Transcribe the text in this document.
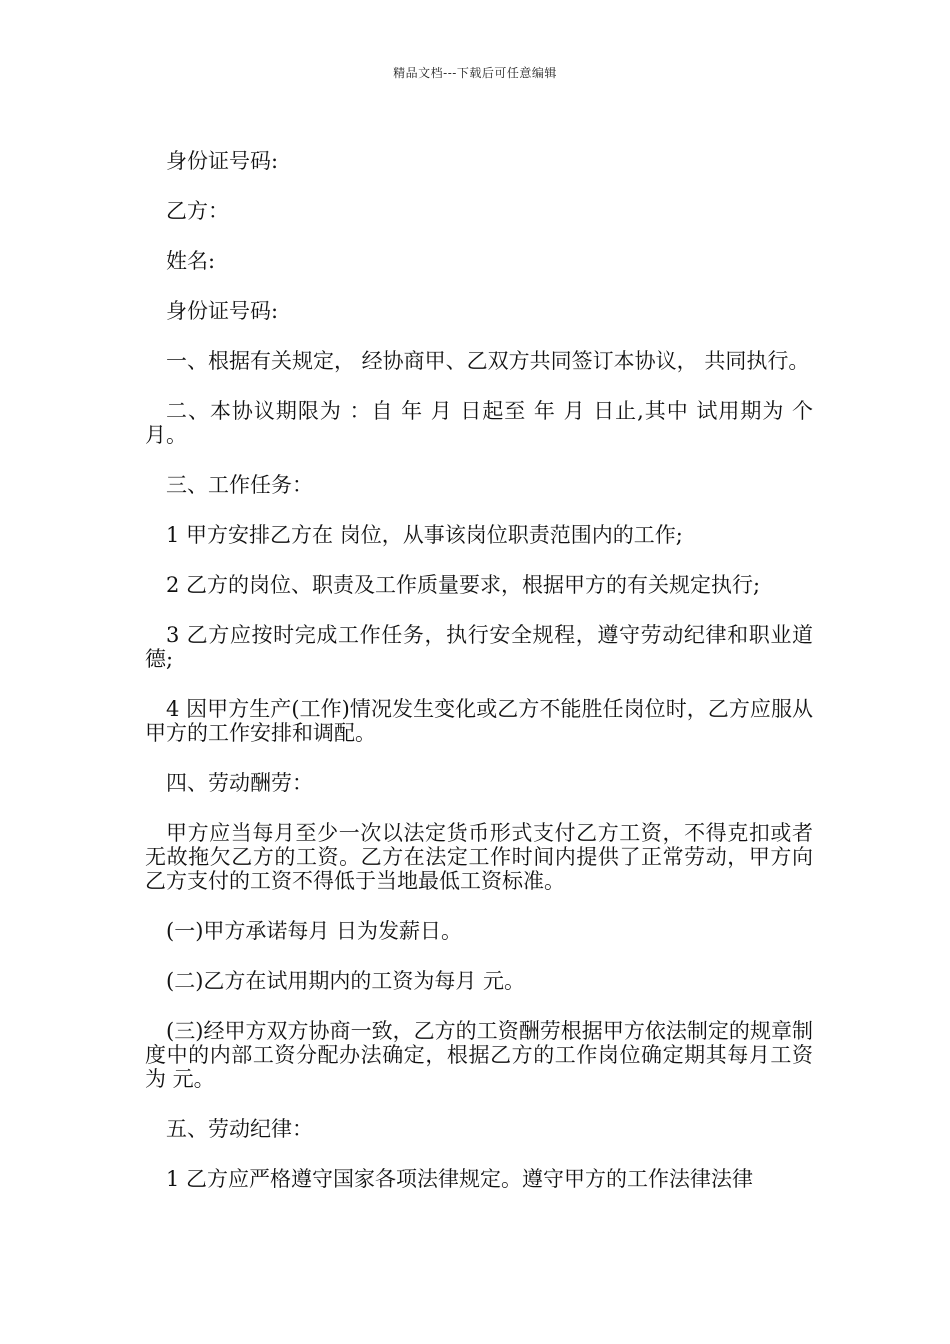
精品文档---下载后可任意编辑

身份证号码:

乙方：

姓名:

身份证号码:

一、根据有关规定， 经协商甲、乙双方共同签订本协议， 共同执行。

二、本协议期限为 ：自 年 月 日起至 年 月 日止,其中 试用期为 个月。

三、工作任务：

1 甲方安排乙方在 岗位，从事该岗位职责范围内的工作;

2 乙方的岗位、职责及工作质量要求，根据甲方的有关规定执行;

3 乙方应按时完成工作任务，执行安全规程，遵守劳动纪律和职业道德;

4 因甲方生产(工作)情况发生变化或乙方不能胜任岗位时，乙方应服从甲方的工作安排和调配。

四、劳动酬劳：

甲方应当每月至少一次以法定货币形式支付乙方工资，不得克扣或者无故拖欠乙方的工资。乙方在法定工作时间内提供了正常劳动，甲方向乙方支付的工资不得低于当地最低工资标准。

(一)甲方承诺每月 日为发薪日。

(二)乙方在试用期内的工资为每月 元。

(三)经甲方双方协商一致，乙方的工资酬劳根据甲方依法制定的规章制度中的内部工资分配办法确定，根据乙方的工作岗位确定期其每月工资为 元。

五、劳动纪律：

1 乙方应严格遵守国家各项法律规定。遵守甲方的工作法律法律
